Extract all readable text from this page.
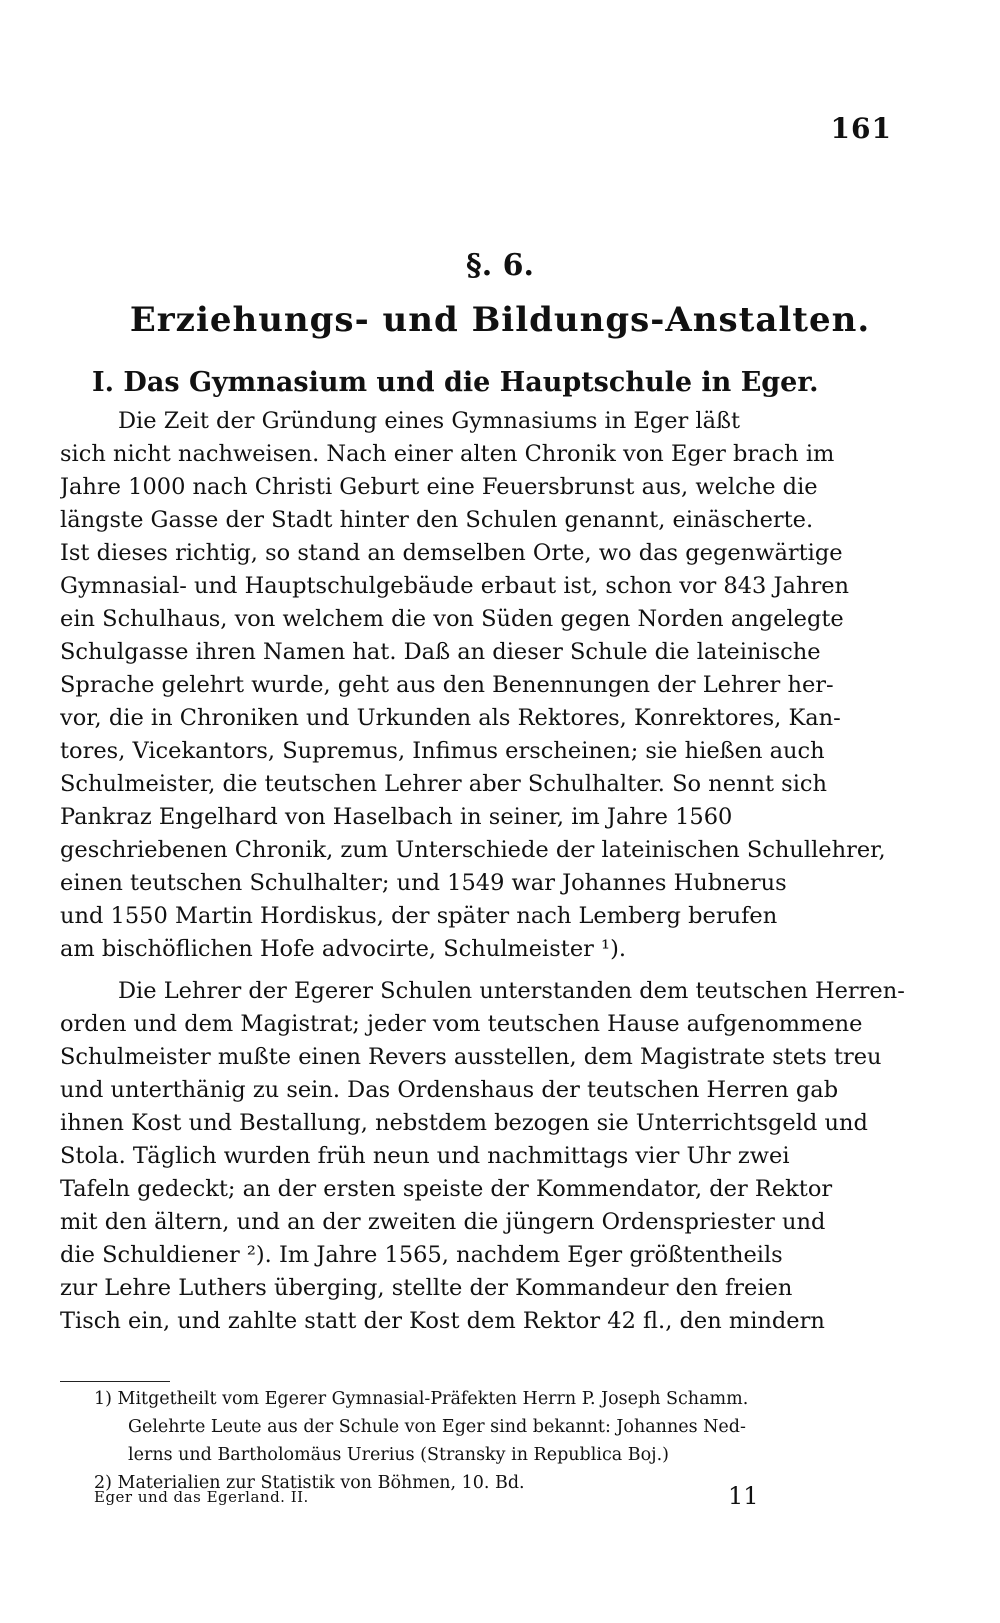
161
§. 6.
Erziehungs- und Bildungs-Anstalten.
I. Das Gymnasium und die Hauptschule in Eger.
Die Zeit der Gründung eines Gymnasiums in Eger läßt
sich nicht nachweisen. Nach einer alten Chronik von Eger brach im
Jahre 1000 nach Christi Geburt eine Feuersbrunst aus, welche die
längste Gasse der Stadt hinter den Schulen genannt, einäscherte.
Ist dieses richtig, so stand an demselben Orte, wo das gegenwärtige
Gymnasial- und Hauptschulgebäude erbaut ist, schon vor 843 Jahren
ein Schulhaus, von welchem die von Süden gegen Norden angelegte
Schulgasse ihren Namen hat. Daß an dieser Schule die lateinische
Sprache gelehrt wurde, geht aus den Benennungen der Lehrer her-
vor, die in Chroniken und Urkunden als Rektores, Konrektores, Kan-
tores, Vicekantors, Supremus, Infimus erscheinen; sie hießen auch
Schulmeister, die teutschen Lehrer aber Schulhalter. So nennt sich
Pankraz Engelhard von Haselbach in seiner, im Jahre 1560
geschriebenen Chronik, zum Unterschiede der lateinischen Schullehrer,
einen teutschen Schulhalter; und 1549 war Johannes Hubnerus
und 1550 Martin Hordiskus, der später nach Lemberg berufen
am bischöflichen Hofe advocirte, Schulmeister ¹).
Die Lehrer der Egerer Schulen unterstanden dem teutschen Herren-
orden und dem Magistrat; jeder vom teutschen Hause aufgenommene
Schulmeister mußte einen Revers ausstellen, dem Magistrate stets treu
und unterthänig zu sein. Das Ordenshaus der teutschen Herren gab
ihnen Kost und Bestallung, nebstdem bezogen sie Unterrichtsgeld und
Stola. Täglich wurden früh neun und nachmittags vier Uhr zwei
Tafeln gedeckt; an der ersten speiste der Kommendator, der Rektor
mit den ältern, und an der zweiten die jüngern Ordenspriester und
die Schuldiener ²). Im Jahre 1565, nachdem Eger größtentheils
zur Lehre Luthers überging, stellte der Kommandeur den freien
Tisch ein, und zahlte statt der Kost dem Rektor 42 fl., den mindern
1) Mitgetheilt vom Egerer Gymnasial-Präfekten Herrn P. Joseph Schamm.
Gelehrte Leute aus der Schule von Eger sind bekannt: Johannes Ned-
lerns und Bartholomäus Urerius (Stransky in Republica Boj.)
2) Materialien zur Statistik von Böhmen, 10. Bd.
Eger und das Egerland. II.	11
